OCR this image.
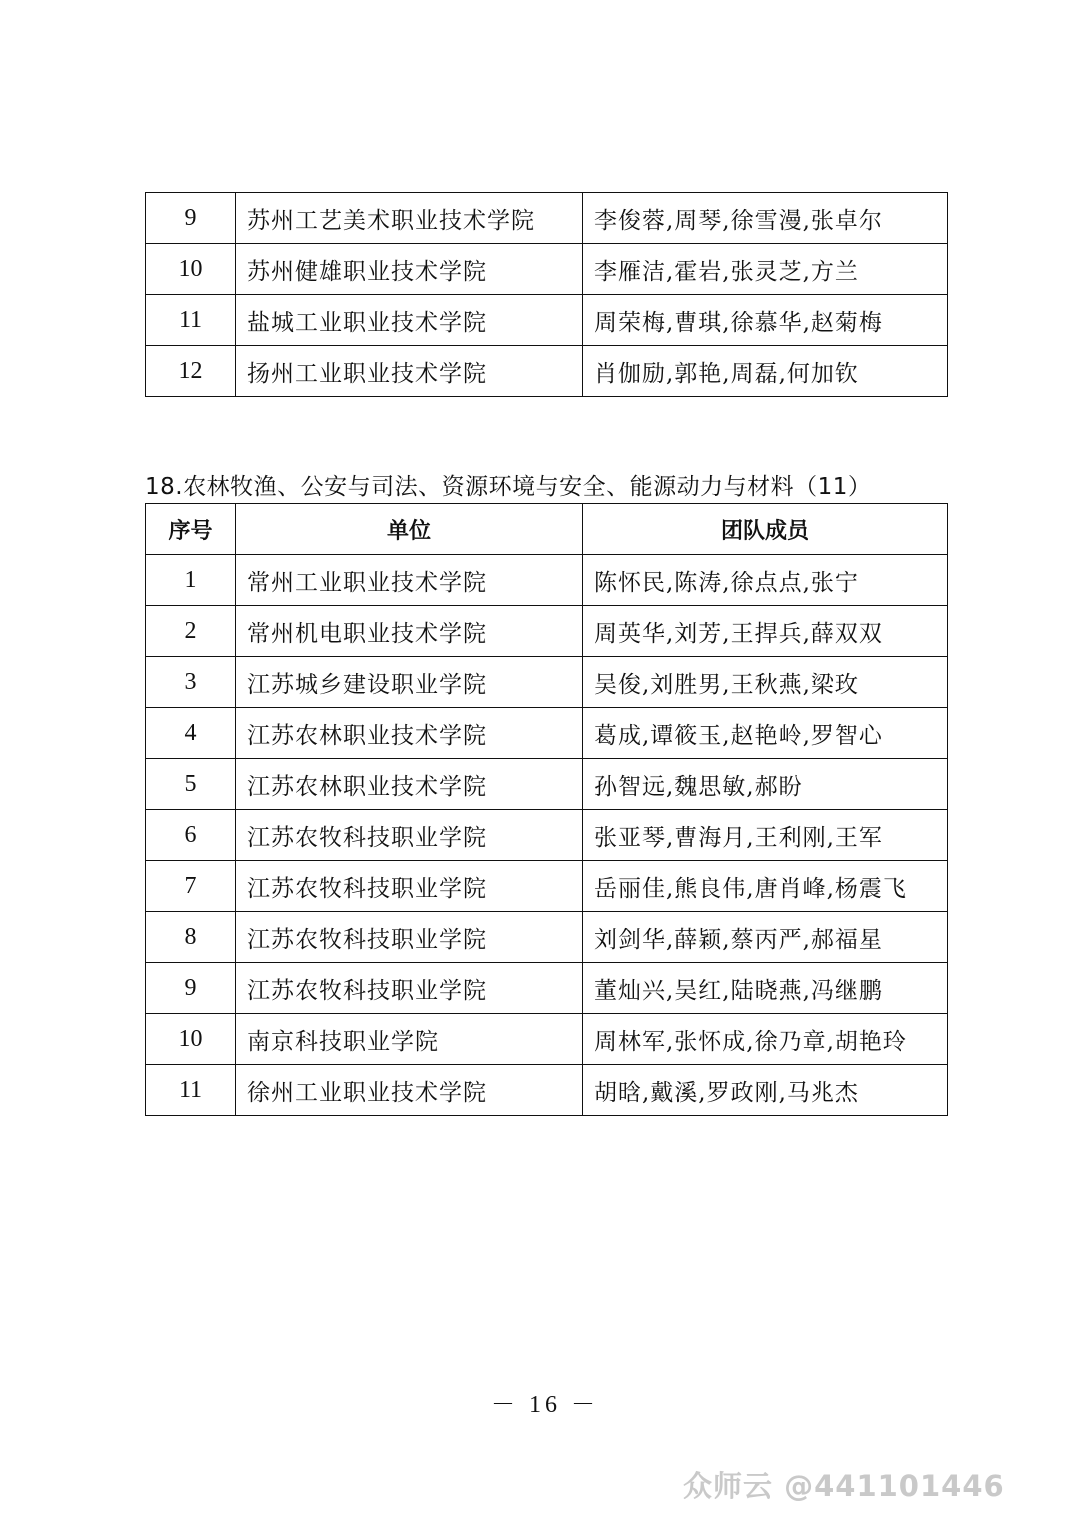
9	苏州工艺美术职业技术学院	李俊蓉,周琴,徐雪漫,张卓尔
10	苏州健雄职业技术学院	李雁洁,霍岩,张灵芝,方兰
11	盐城工业职业技术学院	周荣梅,曹琪,徐慕华,赵菊梅
12	扬州工业职业技术学院	肖伽励,郭艳,周磊,何加钦
18.农林牧渔、公安与司法、资源环境与安全、能源动力与材料（11）
序号	单位	团队成员
1	常州工业职业技术学院	陈怀民,陈涛,徐点点,张宁
2	常州机电职业技术学院	周英华,刘芳,王捍兵,薛双双
3	江苏城乡建设职业学院	吴俊,刘胜男,王秋燕,梁玫
4	江苏农林职业技术学院	葛成,谭筱玉,赵艳岭,罗智心
5	江苏农林职业技术学院	孙智远,魏思敏,郝盼
6	江苏农牧科技职业学院	张亚琴,曹海月,王利刚,王军
7	江苏农牧科技职业学院	岳丽佳,熊良伟,唐肖峰,杨震飞
8	江苏农牧科技职业学院	刘剑华,薛颖,蔡丙严,郝福星
9	江苏农牧科技职业学院	董灿兴,吴红,陆晓燕,冯继鹏
10	南京科技职业学院	周林军,张怀成,徐乃章,胡艳玲
11	徐州工业职业技术学院	胡晗,戴溪,罗政刚,马兆杰
－ 16 －
众师云 @441101446
